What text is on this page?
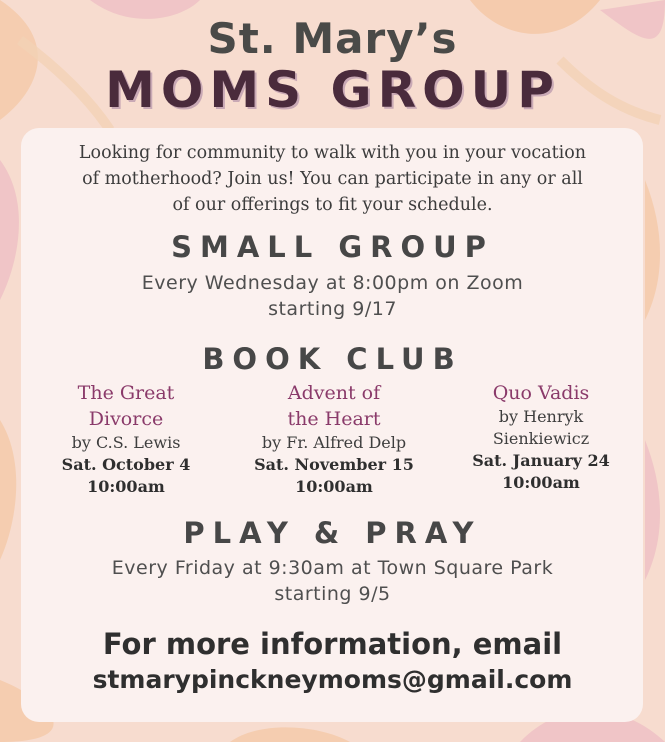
St. Mary’s
MOMS GROUP
Looking for community to walk with you in your vocation
of motherhood? Join us! You can participate in any or all
of our offerings to fit your schedule.
SMALL GROUP
Every Wednesday at 8:00pm on Zoom
starting 9/17
BOOK CLUB
The Great
Divorce
by C.S. Lewis
Sat. October 4
10:00am
Advent of
the Heart
by Fr. Alfred Delp
Sat. November 15
10:00am
Quo Vadis
by Henryk
Sienkiewicz
Sat. January 24
10:00am
PLAY & PRAY
Every Friday at 9:30am at Town Square Park
starting 9/5
For more information, email
stmarypinckneymoms@gmail.com
